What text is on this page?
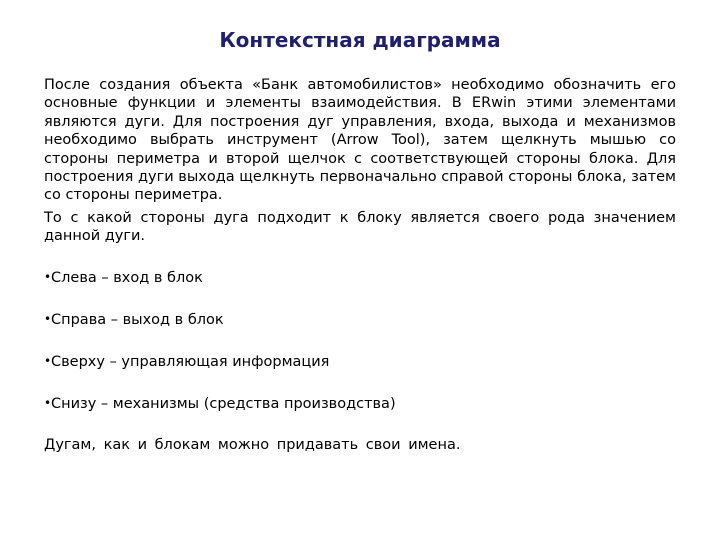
Контекстная диаграмма

После создания объекта «Банк автомобилистов» необходимо обозначить его основные функции и элементы взаимодействия. В ERwin этими элементами являются дуги. Для построения дуг управления, входа, выхода и механизмов необходимо выбрать инструмент (Arrow Tool), затем щелкнуть мышью со стороны периметра и второй щелчок с соответствующей стороны блока. Для построения дуги выхода щелкнуть первоначально справой стороны блока, затем со стороны периметра.

То с какой стороны дуга подходит к блоку является своего рода значением данной дуги.

•Слева – вход в блок
•Справа – выход в блок
•Сверху – управляющая информация
•Снизу – механизмы (средства производства)

Дугам, как и блокам можно придавать свои имена.
